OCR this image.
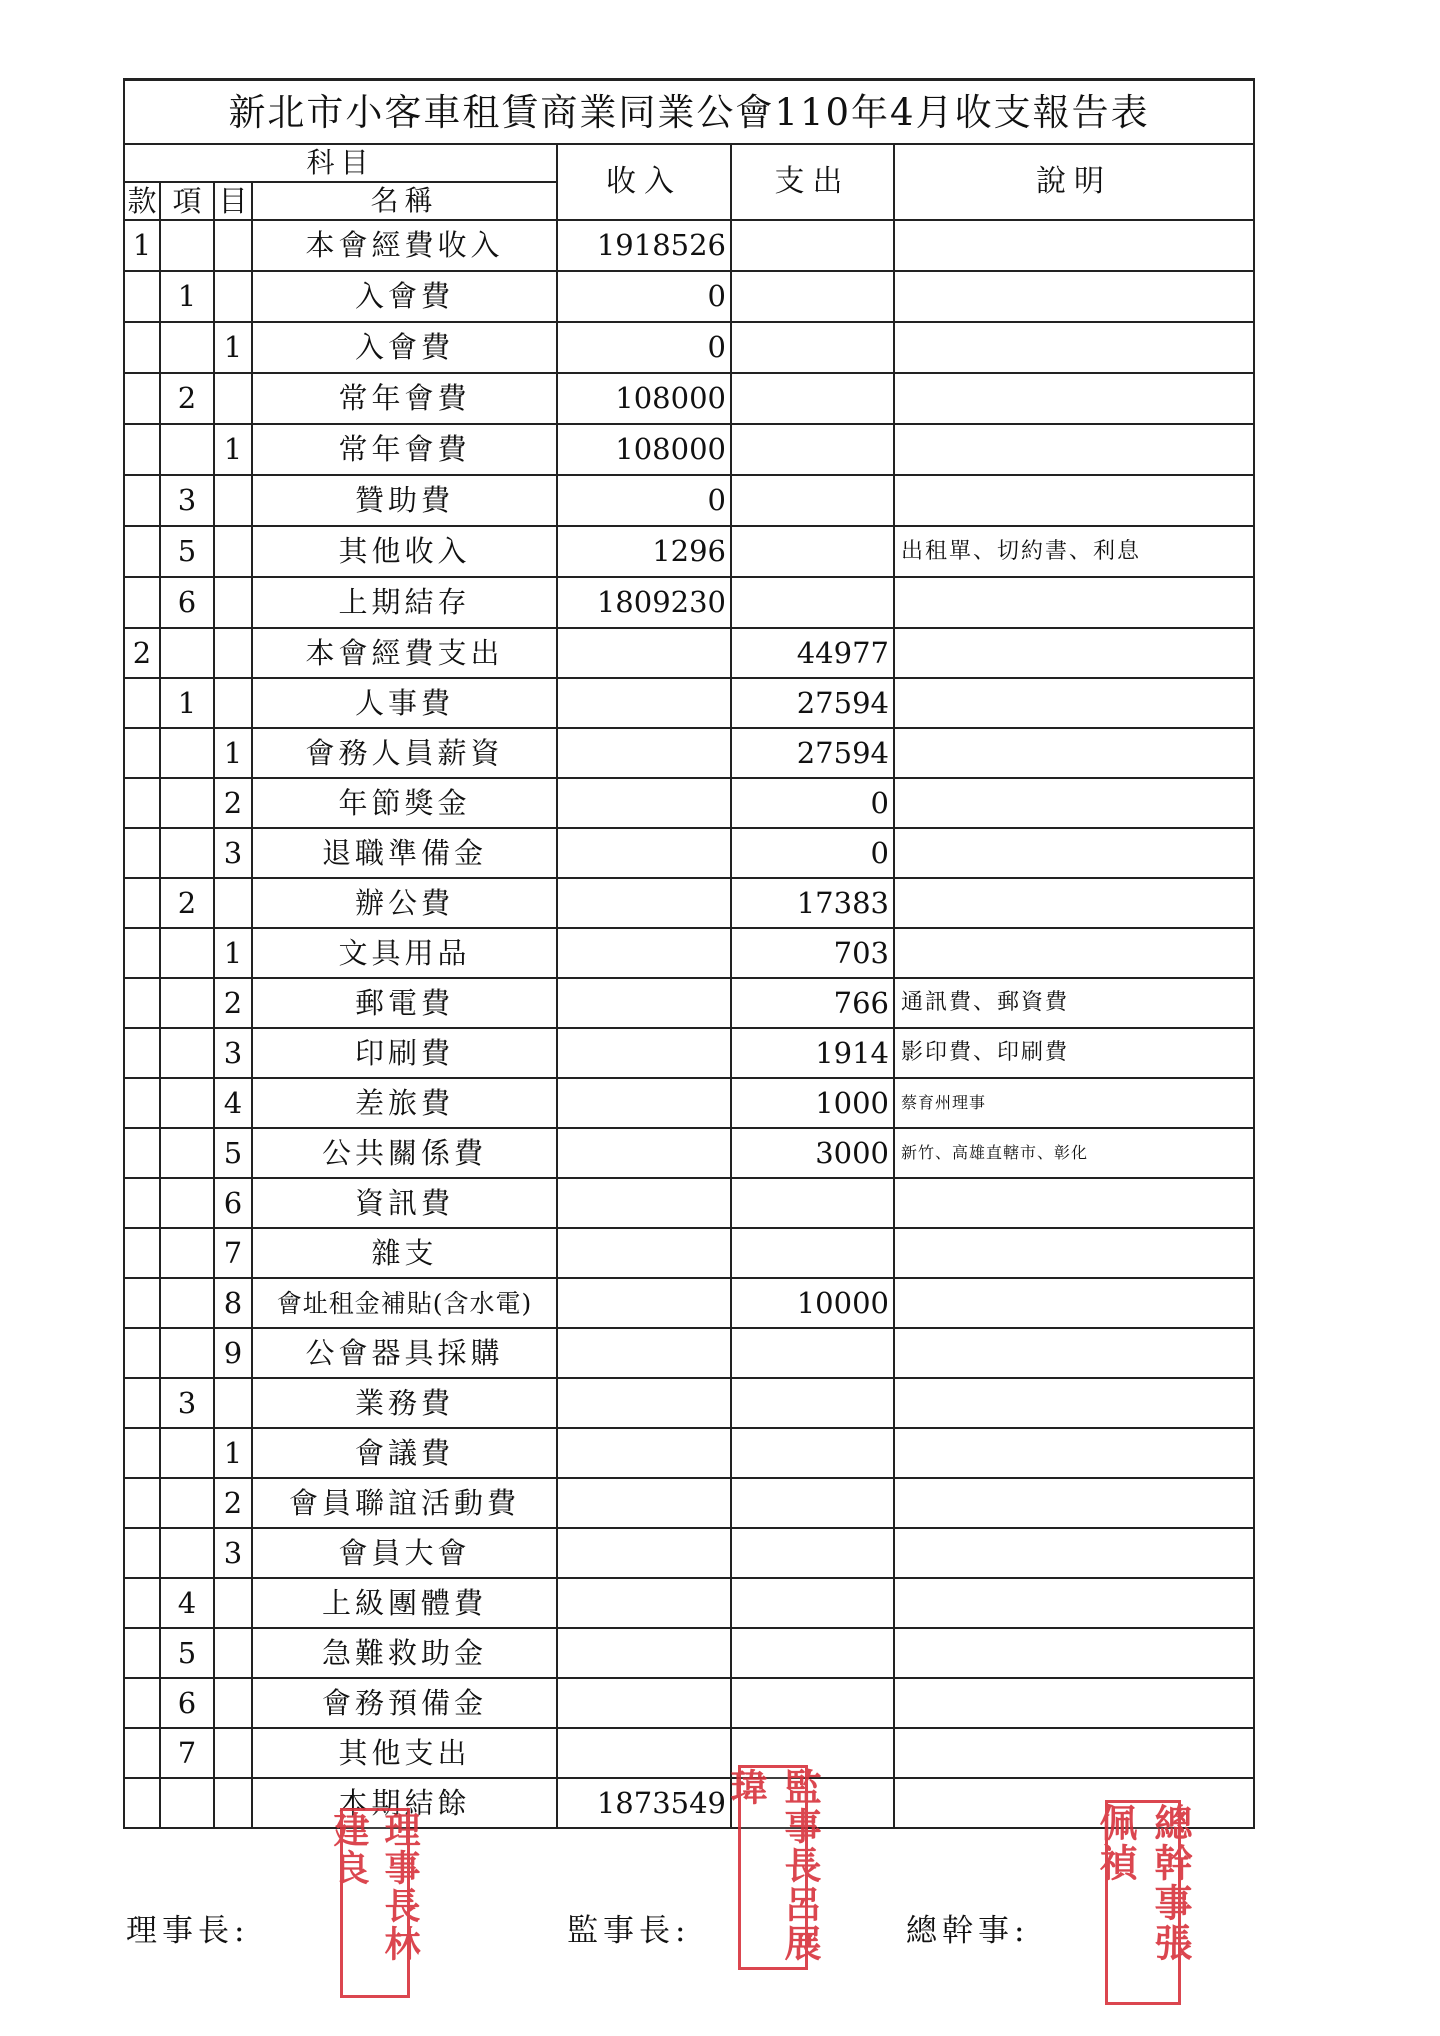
新北市小客車租賃商業同業公會110年4月收支報告表						
科目				收入	支出	說明
款	項	目	名稱			
1			本會經費收入	1918526		
	1		入會費	0		
		1	入會費	0		
	2		常年會費	108000		
		1	常年會費	108000		
	3		贊助費	0		
	5		其他收入	1296		出租單、切約書、利息
	6		上期結存	1809230		
2			本會經費支出		44977	
	1		人事費		27594	
		1	會務人員薪資		27594	
		2	年節獎金		0	
		3	退職準備金		0	
	2		辦公費		17383	
		1	文具用品		703	
		2	郵電費		766	通訊費、郵資費
		3	印刷費		1914	影印費、印刷費
		4	差旅費		1000	蔡育州理事
		5	公共關係費		3000	新竹、高雄直轄市、彰化
		6	資訊費			
		7	雜支			
		8	會址租金補貼(含水電)		10000	
		9	公會器具採購			
	3		業務費			
		1	會議費			
		2	會員聯誼活動費			
		3	會員大會			
	4		上級團體費			
	5		急難救助金			
	6		會務預備金			
	7		其他支出			
			本期結餘	1873549		
理事長:	監事長:	總幹事:
理事長林建良	監事長呂展瑋
總幹事張佩禎
